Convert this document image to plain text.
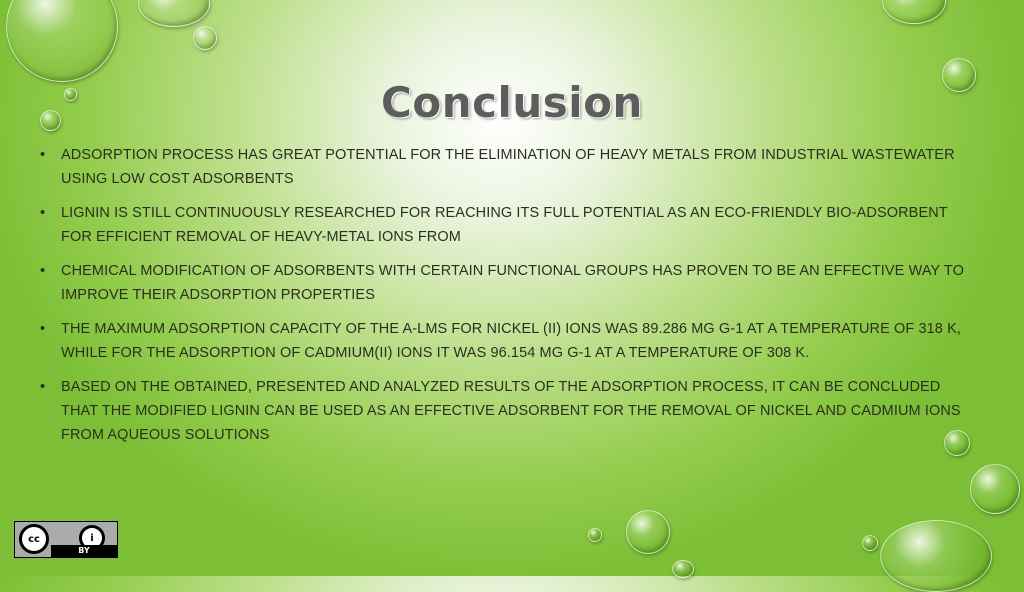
Conclusion
• ADSORPTION PROCESS HAS GREAT POTENTIAL FOR THE ELIMINATION OF HEAVY METALS FROM INDUSTRIAL WASTEWATER USING LOW COST ADSORBENTS
• LIGNIN IS STILL CONTINUOUSLY RESEARCHED FOR REACHING ITS FULL POTENTIAL AS AN ECO-FRIENDLY BIO-ADSORBENT FOR EFFICIENT REMOVAL OF HEAVY-METAL IONS FROM
• CHEMICAL MODIFICATION OF ADSORBENTS WITH CERTAIN FUNCTIONAL GROUPS HAS PROVEN TO BE AN EFFECTIVE WAY TO IMPROVE THEIR ADSORPTION PROPERTIES
• THE MAXIMUM ADSORPTION CAPACITY OF THE A-LMS FOR NICKEL (II) IONS WAS 89.286 MG G-1 AT A TEMPERATURE OF 318 K, WHILE FOR THE ADSORPTION OF CADMIUM(II) IONS IT WAS 96.154 MG G-1 AT A TEMPERATURE OF 308 K.
• BASED ON THE OBTAINED, PRESENTED AND ANALYZED RESULTS OF THE ADSORPTION PROCESS, IT CAN BE CONCLUDED THAT THE MODIFIED LIGNIN CAN BE USED AS AN EFFECTIVE ADSORBENT FOR THE REMOVAL OF NICKEL AND CADMIUM IONS FROM AQUEOUS SOLUTIONS
cc	i
BY
